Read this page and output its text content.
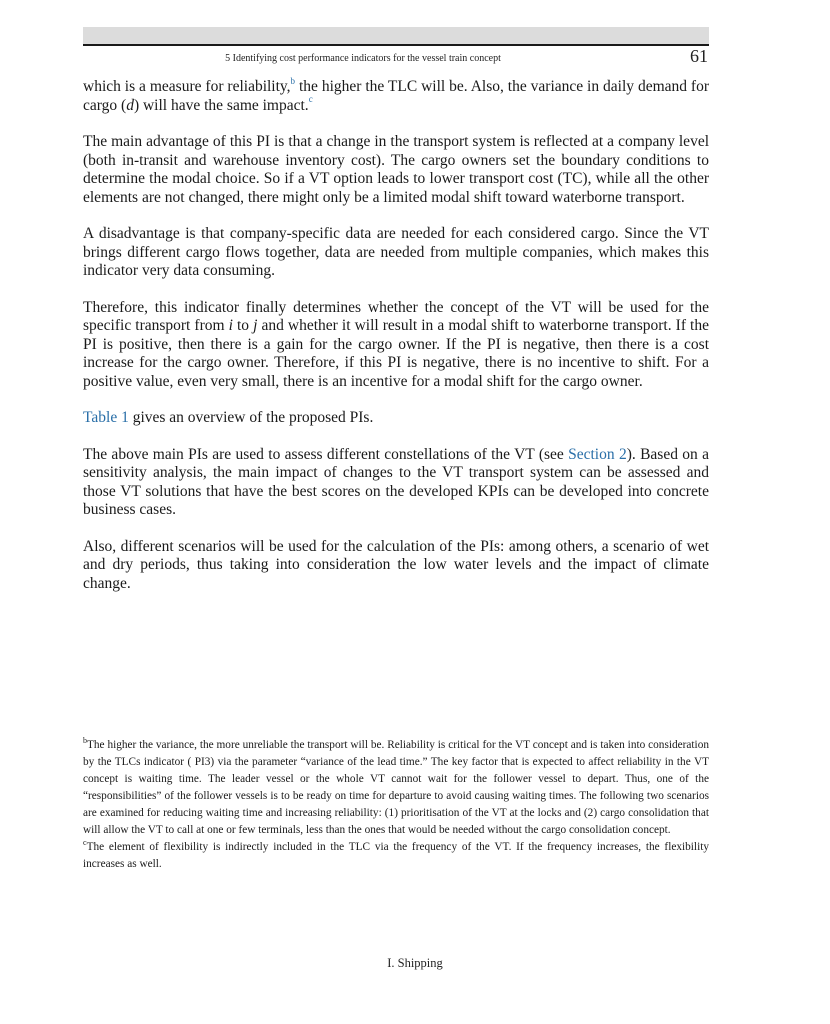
5 Identifying cost performance indicators for the vessel train concept	61

which is a measure for reliability,$^b$ the higher the TLC will be. Also, the variance in daily demand for cargo (d) will have the same impact.$^c$

The main advantage of this PI is that a change in the transport system is reflected at a company level (both in-transit and warehouse inventory cost). The cargo owners set the boundary conditions to determine the modal choice. So if a VT option leads to lower transport cost (TC), while all the other elements are not changed, there might only be a limited modal shift toward waterborne transport.

A disadvantage is that company-specific data are needed for each considered cargo. Since the VT brings different cargo flows together, data are needed from multiple companies, which makes this indicator very data consuming.

Therefore, this indicator finally determines whether the concept of the VT will be used for the specific transport from i to j and whether it will result in a modal shift to waterborne transport. If the PI is positive, then there is a gain for the cargo owner. If the PI is negative, then there is a cost increase for the cargo owner. Therefore, if this PI is negative, there is no incentive to shift. For a positive value, even very small, there is an incentive for a modal shift for the cargo owner.

Table 1 gives an overview of the proposed PIs.

The above main PIs are used to assess different constellations of the VT (see Section 2). Based on a sensitivity analysis, the main impact of changes to the VT transport system can be assessed and those VT solutions that have the best scores on the developed KPIs can be developed into concrete business cases.

Also, different scenarios will be used for the calculation of the PIs: among others, a scenario of wet and dry periods, thus taking into consideration the low water levels and the impact of climate change.

$^b$The higher the variance, the more unreliable the transport will be. Reliability is critical for the VT concept and is taken into consideration by the TLCs indicator ( PI3) via the parameter “variance of the lead time.” The key factor that is expected to affect reliability in the VT concept is waiting time. The leader vessel or the whole VT cannot wait for the follower vessel to depart. Thus, one of the “responsibilities” of the follower vessels is to be ready on time for departure to avoid causing waiting times. The following two scenarios are examined for reducing waiting time and increasing reliability: (1) prioritisation of the VT at the locks and (2) cargo consolidation that will allow the VT to call at one or few terminals, less than the ones that would be needed without the cargo consolidation concept.

$^c$The element of flexibility is indirectly included in the TLC via the frequency of the VT. If the frequency increases, the flexibility increases as well.

I. Shipping
